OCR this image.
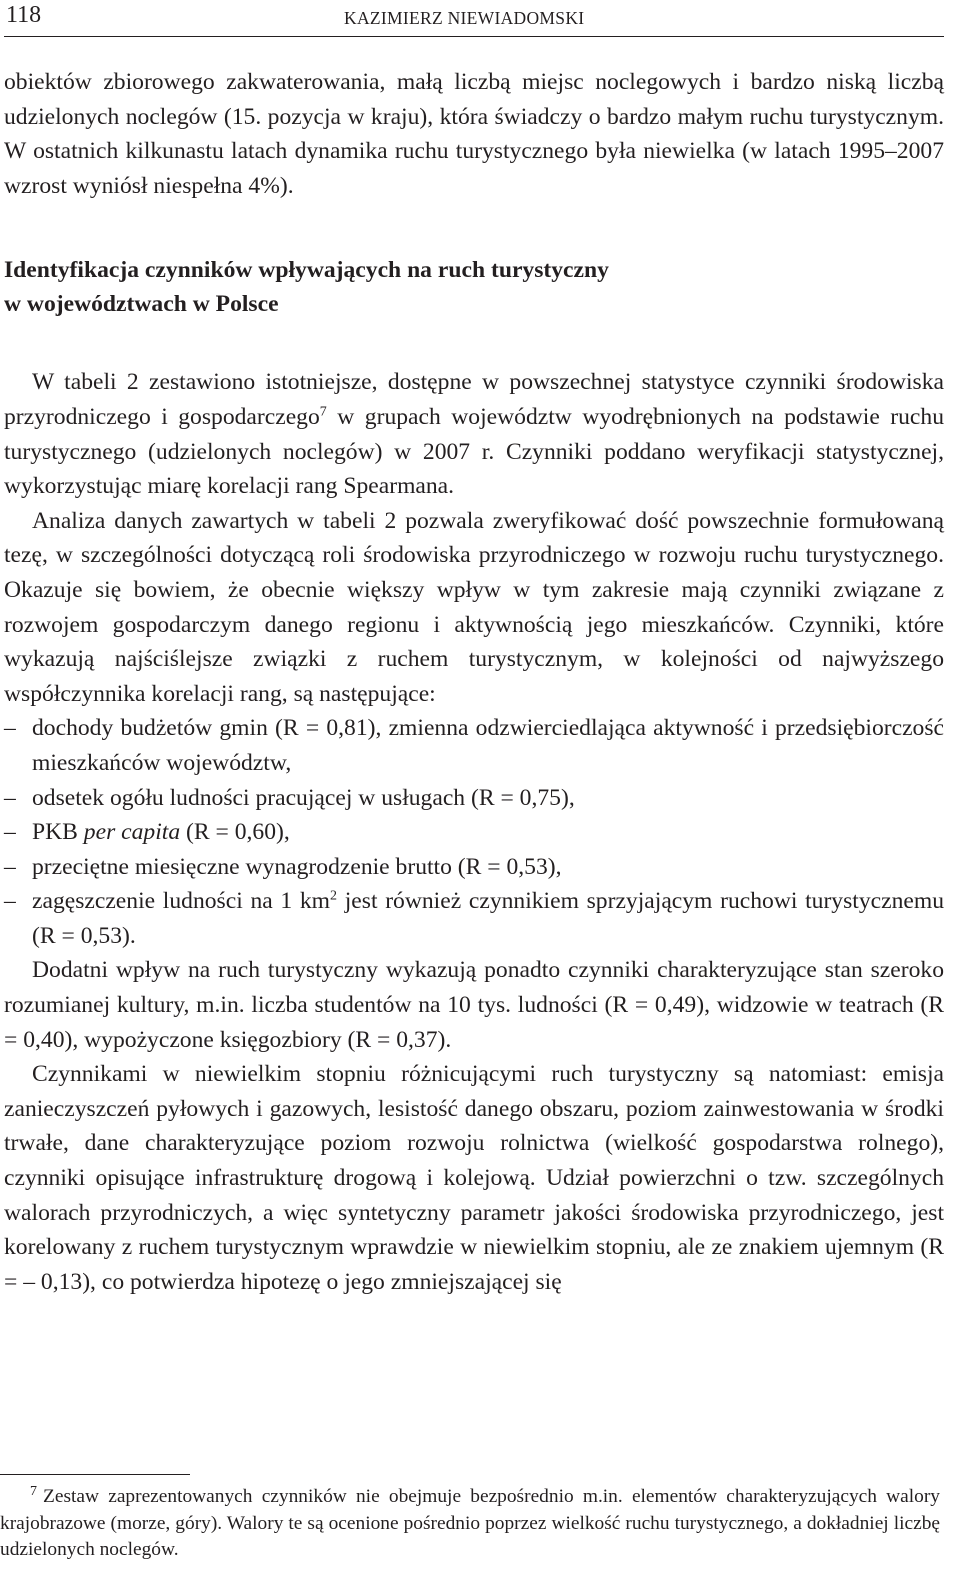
118	KAZIMIERZ NIEWIADOMSKI

obiektów zbiorowego zakwaterowania, małą liczbą miejsc noclegowych i bardzo niską liczbą udzielonych noclegów (15. pozycja w kraju), która świadczy o bardzo małym ruchu turystycznym. W ostatnich kilkunastu latach dynamika ruchu turystycznego była niewielka (w latach 1995–2007 wzrost wyniósł niespełna 4%).

Identyfikacja czynników wpływających na ruch turystyczny
w województwach w Polsce

W tabeli 2 zestawiono istotniejsze, dostępne w powszechnej statystyce czynniki środowiska przyrodniczego i gospodarczego$^7$ w grupach województw wyodrębnionych na podstawie ruchu turystycznego (udzielonych noclegów) w 2007 r. Czynniki poddano weryfikacji statystycznej, wykorzystując miarę korelacji rang Spearmana.

Analiza danych zawartych w tabeli 2 pozwala zweryfikować dość powszechnie formułowaną tezę, w szczególności dotyczącą roli środowiska przyrodniczego w rozwoju ruchu turystycznego. Okazuje się bowiem, że obecnie większy wpływ w tym zakresie mają czynniki związane z rozwojem gospodarczym danego regionu i aktywnością jego mieszkańców. Czynniki, które wykazują najściślejsze związki z ruchem turystycznym, w kolejności od najwyższego współczynnika korelacji rang, są następujące:

– dochody budżetów gmin (R = 0,81), zmienna odzwierciedlająca aktywność i przedsiębiorczość mieszkańców województw,
– odsetek ogółu ludności pracującej w usługach (R = 0,75),
– PKB per capita (R = 0,60),
– przeciętne miesięczne wynagrodzenie brutto (R = 0,53),
– zagęszczenie ludności na 1 $km^2$ jest również czynnikiem sprzyjającym ruchowi turystycznemu (R = 0,53).

Dodatni wpływ na ruch turystyczny wykazują ponadto czynniki charakteryzujące stan szeroko rozumianej kultury, m.in. liczba studentów na 10 tys. ludności (R = 0,49), widzowie w teatrach (R = 0,40), wypożyczone księgozbiory (R = 0,37).

Czynnikami w niewielkim stopniu różnicującymi ruch turystyczny są natomiast: emisja zanieczyszczeń pyłowych i gazowych, lesistość danego obszaru, poziom zainwestowania w środki trwałe, dane charakteryzujące poziom rozwoju rolnictwa (wielkość gospodarstwa rolnego), czynniki opisujące infrastrukturę drogową i kolejową. Udział powierzchni o tzw. szczególnych walorach przyrodniczych, a więc syntetyczny parametr jakości środowiska przyrodniczego, jest korelowany z ruchem turystycznym wprawdzie w niewielkim stopniu, ale ze znakiem ujemnym (R = – 0,13), co potwierdza hipotezę o jego zmniejszającej się

$^7$ Zestaw zaprezentowanych czynników nie obejmuje bezpośrednio m.in. elementów charakteryzujących walory krajobrazowe (morze, góry). Walory te są ocenione pośrednio poprzez wielkość ruchu turystycznego, a dokładniej liczbę udzielonych noclegów.
